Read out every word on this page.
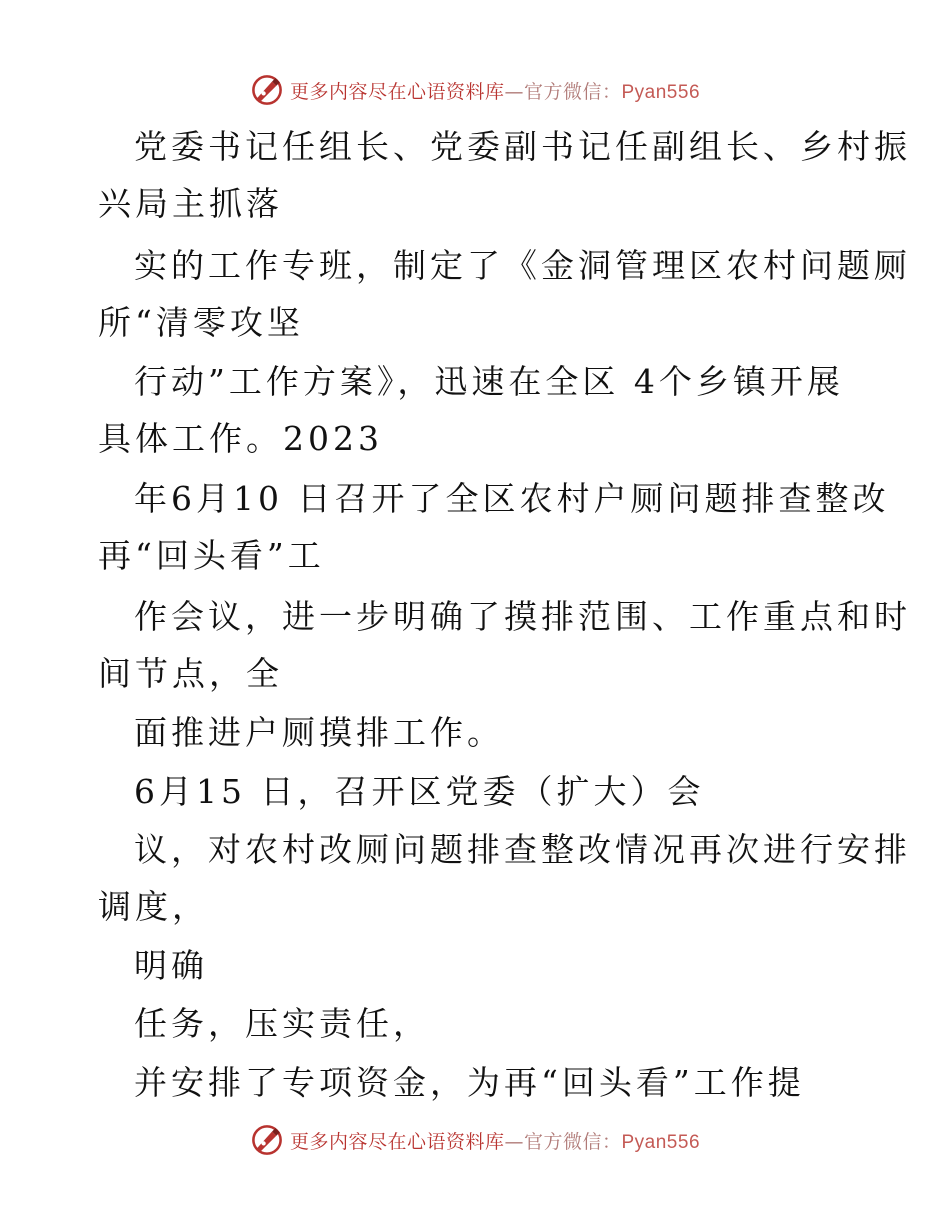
更多内容尽在心语资料库—官方微信：Pyan556
党委书记任组长、党委副书记任副组长、乡村振
兴局主抓落
实的工作专班，制定了《金洞管理区农村问题厕
所“清零攻坚
行动”工作方案》，迅速在全区 4个乡镇开展
具体工作。2023
年6月10 日召开了全区农村户厕问题排查整改
再“回头看”工
作会议，进一步明确了摸排范围、工作重点和时
间节点，全
面推进户厕摸排工作。
6月15 日，召开区党委（扩大）会
议，对农村改厕问题排查整改情况再次进行安排
调度，
明确
任务，压实责任，
并安排了专项资金，为再“回头看”工作提
更多内容尽在心语资料库—官方微信：Pyan556
